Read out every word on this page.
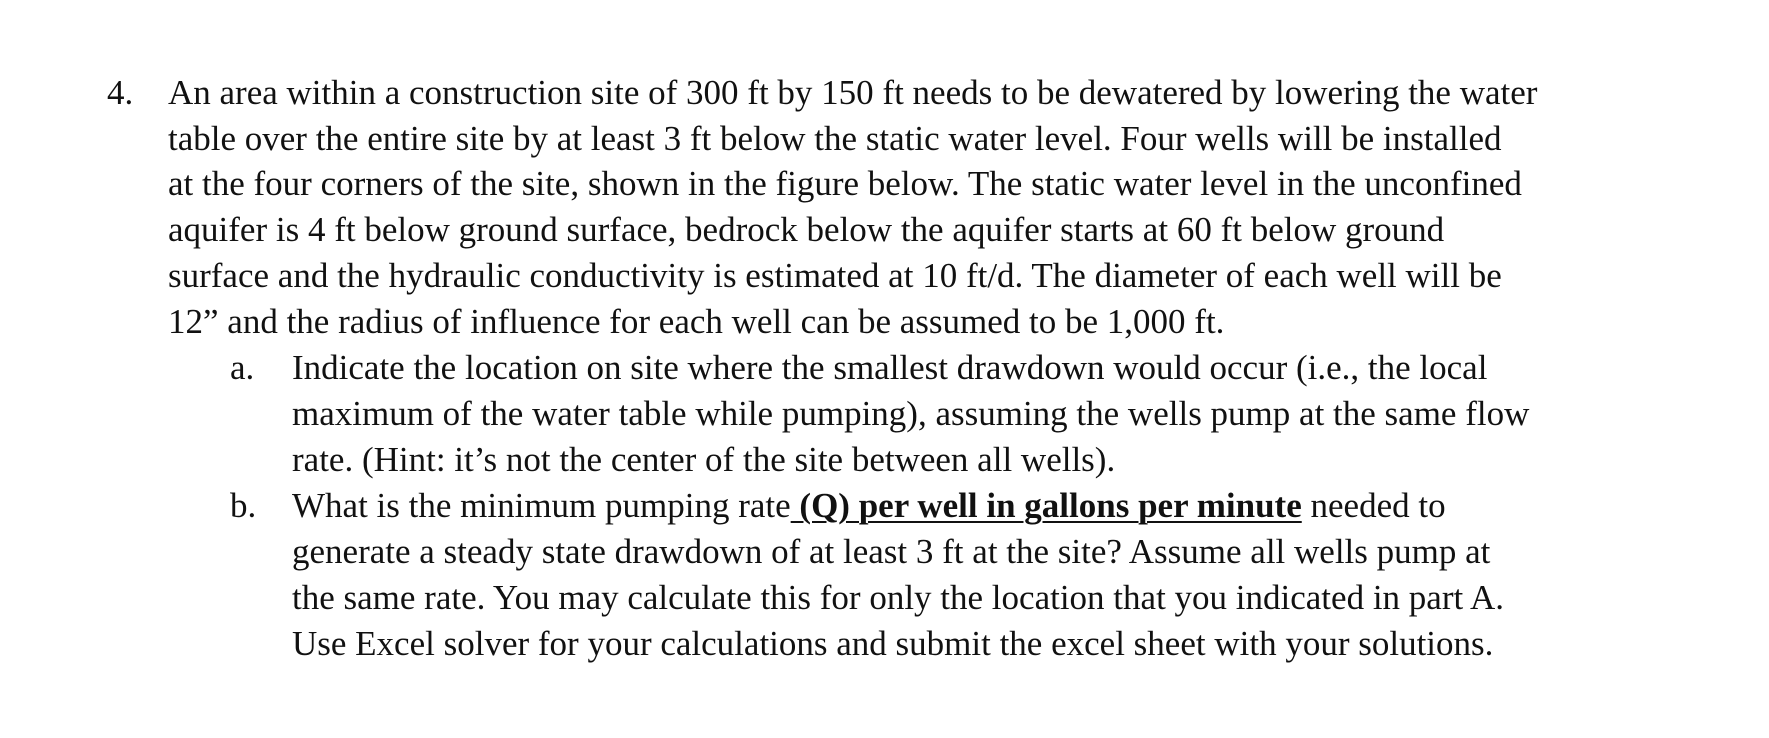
4. An area within a construction site of 300 ft by 150 ft needs to be dewatered by lowering the water
table over the entire site by at least 3 ft below the static water level. Four wells will be installed
at the four corners of the site, shown in the figure below. The static water level in the unconfined
aquifer is 4 ft below ground surface, bedrock below the aquifer starts at 60 ft below ground
surface and the hydraulic conductivity is estimated at 10 ft/d. The diameter of each well will be
12” and the radius of influence for each well can be assumed to be 1,000 ft.
a. Indicate the location on site where the smallest drawdown would occur (i.e., the local
maximum of the water table while pumping), assuming the wells pump at the same flow
rate. (Hint: it’s not the center of the site between all wells).
b. What is the minimum pumping rate (Q) per well in gallons per minute needed to
generate a steady state drawdown of at least 3 ft at the site? Assume all wells pump at
the same rate. You may calculate this for only the location that you indicated in part A.
Use Excel solver for your calculations and submit the excel sheet with your solutions.
